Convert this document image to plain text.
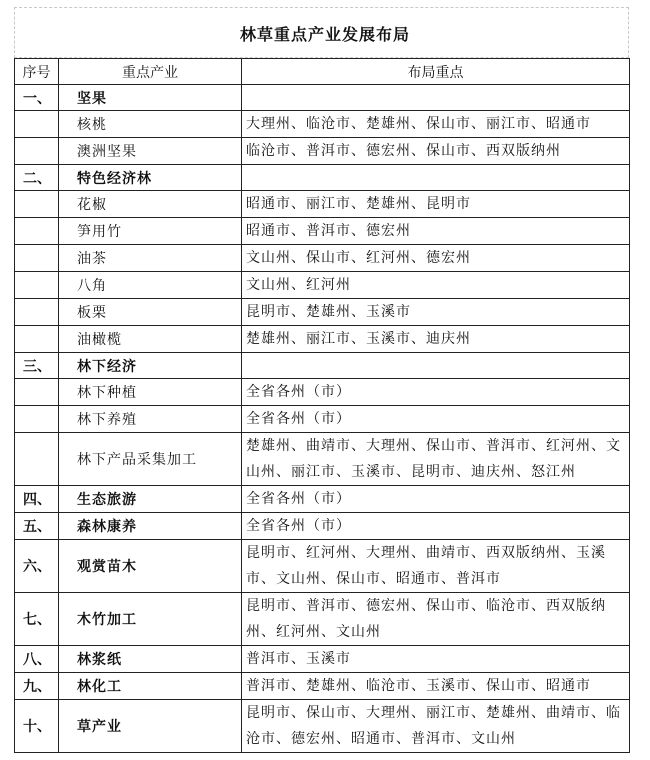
林草重点产业发展布局
序号	重点产业	布局重点
一、	坚果	
	核桃	大理州、临沧市、楚雄州、保山市、丽江市、昭通市
	澳洲坚果	临沧市、普洱市、德宏州、保山市、西双版纳州
二、	特色经济林	
	花椒	昭通市、丽江市、楚雄州、昆明市
	笋用竹	昭通市、普洱市、德宏州
	油茶	文山州、保山市、红河州、德宏州
	八角	文山州、红河州
	板栗	昆明市、楚雄州、玉溪市
	油橄榄	楚雄州、丽江市、玉溪市、迪庆州
三、	林下经济	
	林下种植	全省各州（市）
	林下养殖	全省各州（市）
	林下产品采集加工	楚雄州、曲靖市、大理州、保山市、普洱市、红河州、文山州、丽江市、玉溪市、昆明市、迪庆州、怒江州
四、	生态旅游	全省各州（市）
五、	森林康养	全省各州（市）
六、	观赏苗木	昆明市、红河州、大理州、曲靖市、西双版纳州、玉溪市、文山州、保山市、昭通市、普洱市
七、	木竹加工	昆明市、普洱市、德宏州、保山市、临沧市、西双版纳州、红河州、文山州
八、	林浆纸	普洱市、玉溪市
九、	林化工	普洱市、楚雄州、临沧市、玉溪市、保山市、昭通市
十、	草产业	昆明市、保山市、大理州、丽江市、楚雄州、曲靖市、临沧市、德宏州、昭通市、普洱市、文山州
